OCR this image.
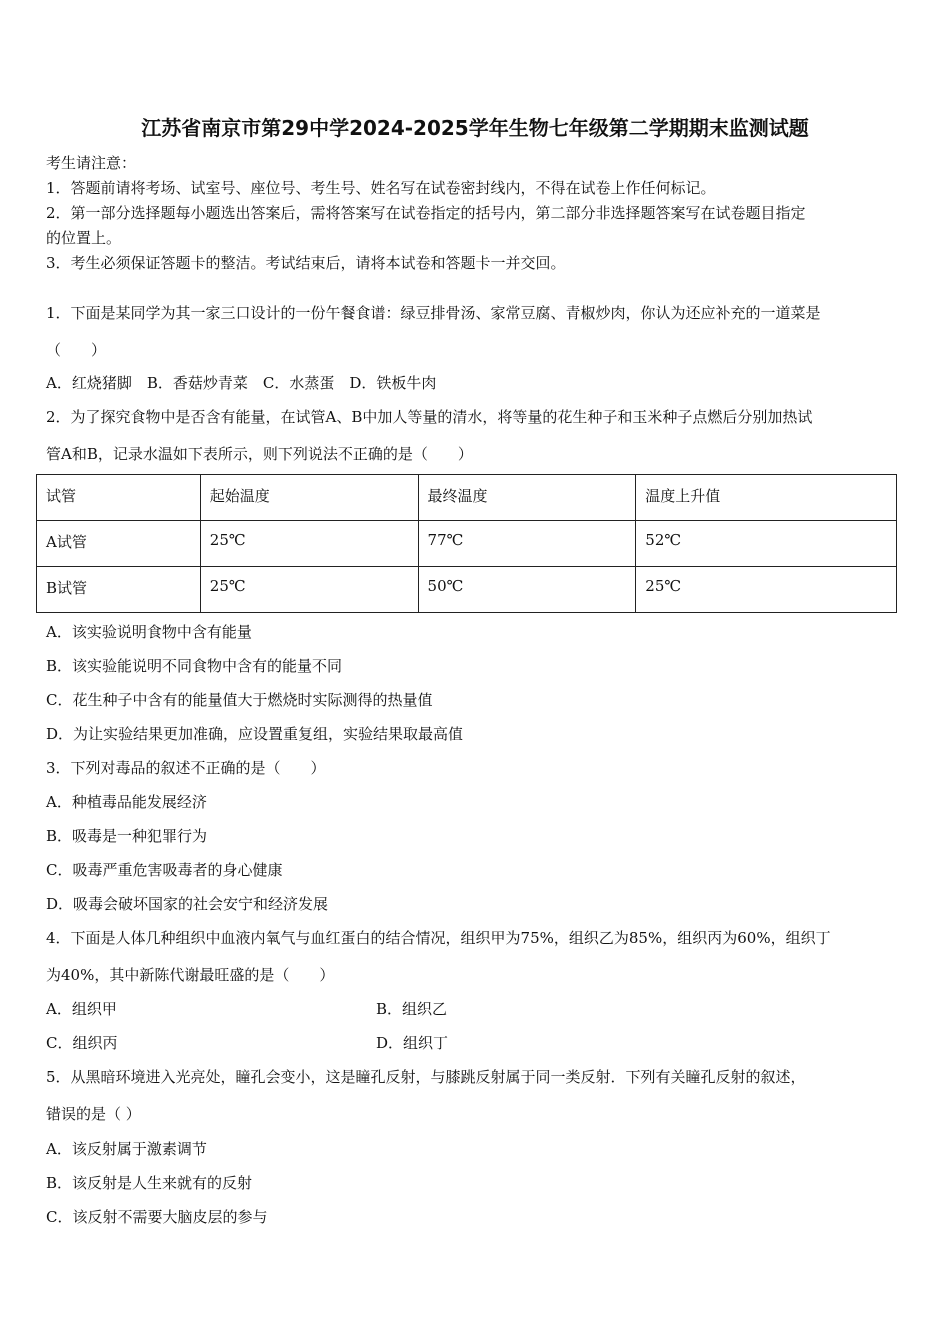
江苏省南京市第29中学2024-2025学年生物七年级第二学期期末监测试题
考生请注意：
1．答题前请将考场、试室号、座位号、考生号、姓名写在试卷密封线内，不得在试卷上作任何标记。
2．第一部分选择题每小题选出答案后，需将答案写在试卷指定的括号内，第二部分非选择题答案写在试卷题目指定
的位置上。
3．考生必须保证答题卡的整洁。考试结束后，请将本试卷和答题卡一并交回。
1．下面是某同学为其一家三口设计的一份午餐食谱：绿豆排骨汤、家常豆腐、青椒炒肉，你认为还应补充的一道菜是
（　　）
A．红烧猪脚　B．香菇炒青菜　C．水蒸蛋　D．铁板牛肉
2．为了探究食物中是否含有能量，在试管A、B中加人等量的清水，将等量的花生种子和玉米种子点燃后分别加热试
管A和B，记录水温如下表所示，则下列说法不正确的是（　　）
试管	起始温度	最终温度	温度上升值
A试管	25℃	77℃	52℃
B试管	25℃	50℃	25℃
A．该实验说明食物中含有能量
B．该实验能说明不同食物中含有的能量不同
C．花生种子中含有的能量值大于燃烧时实际测得的热量值
D．为让实验结果更加准确，应设置重复组，实验结果取最高值
3．下列对毒品的叙述不正确的是（　　）
A．种植毒品能发展经济
B．吸毒是一种犯罪行为
C．吸毒严重危害吸毒者的身心健康
D．吸毒会破坏国家的社会安宁和经济发展
4．下面是人体几种组织中血液内氧气与血红蛋白的结合情况，组织甲为75%，组织乙为85%，组织丙为60%，组织丁
为40%，其中新陈代谢最旺盛的是（　　）
A．组织甲	B．组织乙
C．组织丙	D．组织丁
5．从黑暗环境进入光亮处，瞳孔会变小，这是瞳孔反射，与膝跳反射属于同一类反射．下列有关瞳孔反射的叙述，
错误的是（ ）
A．该反射属于激素调节
B．该反射是人生来就有的反射
C．该反射不需要大脑皮层的参与
